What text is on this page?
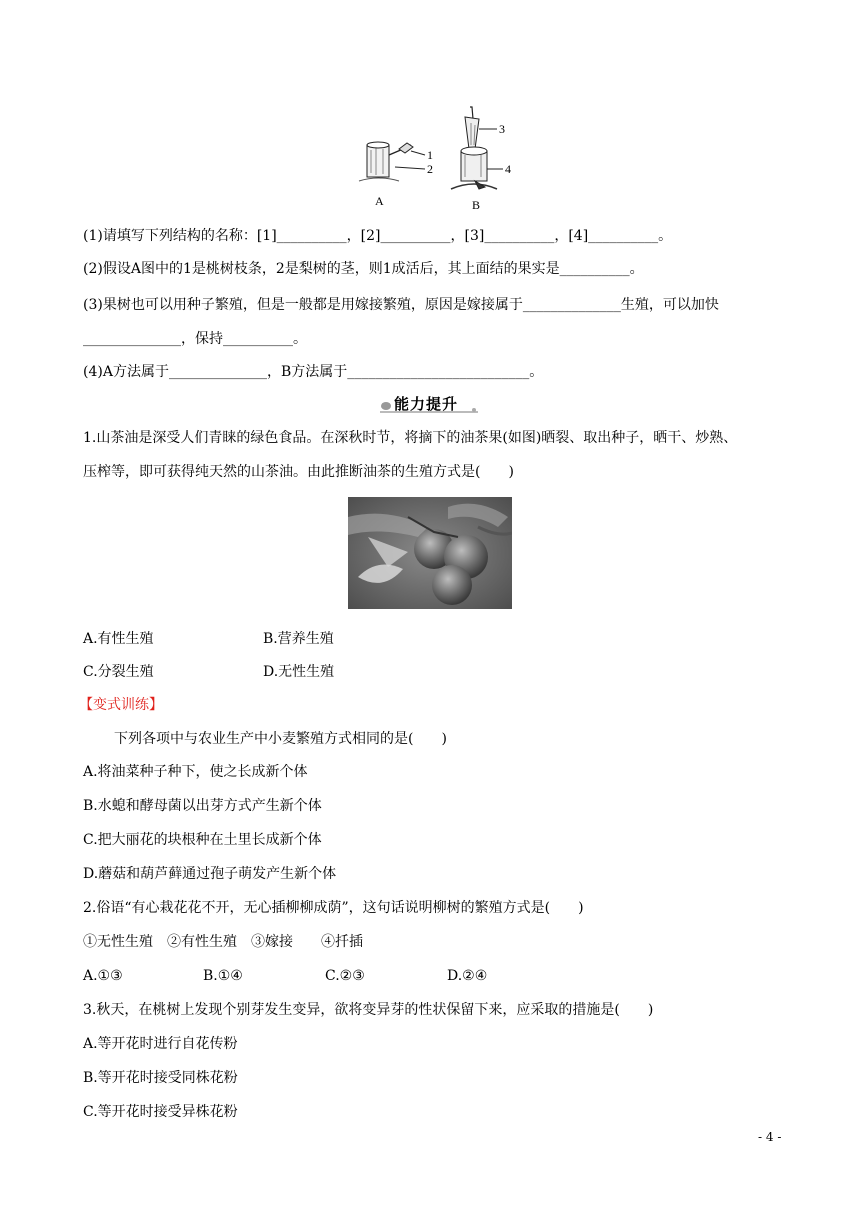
1
2
3
4
A	B
(1)请填写下列结构的名称：[1]__________，[2]__________，[3]__________，[4]__________。
(2)假设A图中的1是桃树枝条，2是梨树的茎，则1成活后，其上面结的果实是__________。
(3)果树也可以用种子繁殖，但是一般都是用嫁接繁殖，原因是嫁接属于______________生殖，可以加快
______________，保持__________。
(4)A方法属于______________，B方法属于__________________________。
能力提升
1.山茶油是深受人们青睐的绿色食品。在深秋时节，将摘下的油茶果(如图)晒裂、取出种子，晒干、炒熟、
压榨等，即可获得纯天然的山茶油。由此推断油茶的生殖方式是(　　)
A.有性生殖	B.营养生殖
C.分裂生殖	D.无性生殖
【变式训练】
下列各项中与农业生产中小麦繁殖方式相同的是(　　)
A.将油菜种子种下，使之长成新个体
B.水螅和酵母菌以出芽方式产生新个体
C.把大丽花的块根种在土里长成新个体
D.蘑菇和葫芦藓通过孢子萌发产生新个体
2.俗语“有心栽花花不开，无心插柳柳成荫”，这句话说明柳树的繁殖方式是(　　)
①无性生殖　②有性生殖　③嫁接　　④扦插
A.①③	B.①④	C.②③	D.②④
3.秋天，在桃树上发现个别芽发生变异，欲将变异芽的性状保留下来，应采取的措施是(　　)
A.等开花时进行自花传粉
B.等开花时接受同株花粉
C.等开花时接受异株花粉
- 4 -
